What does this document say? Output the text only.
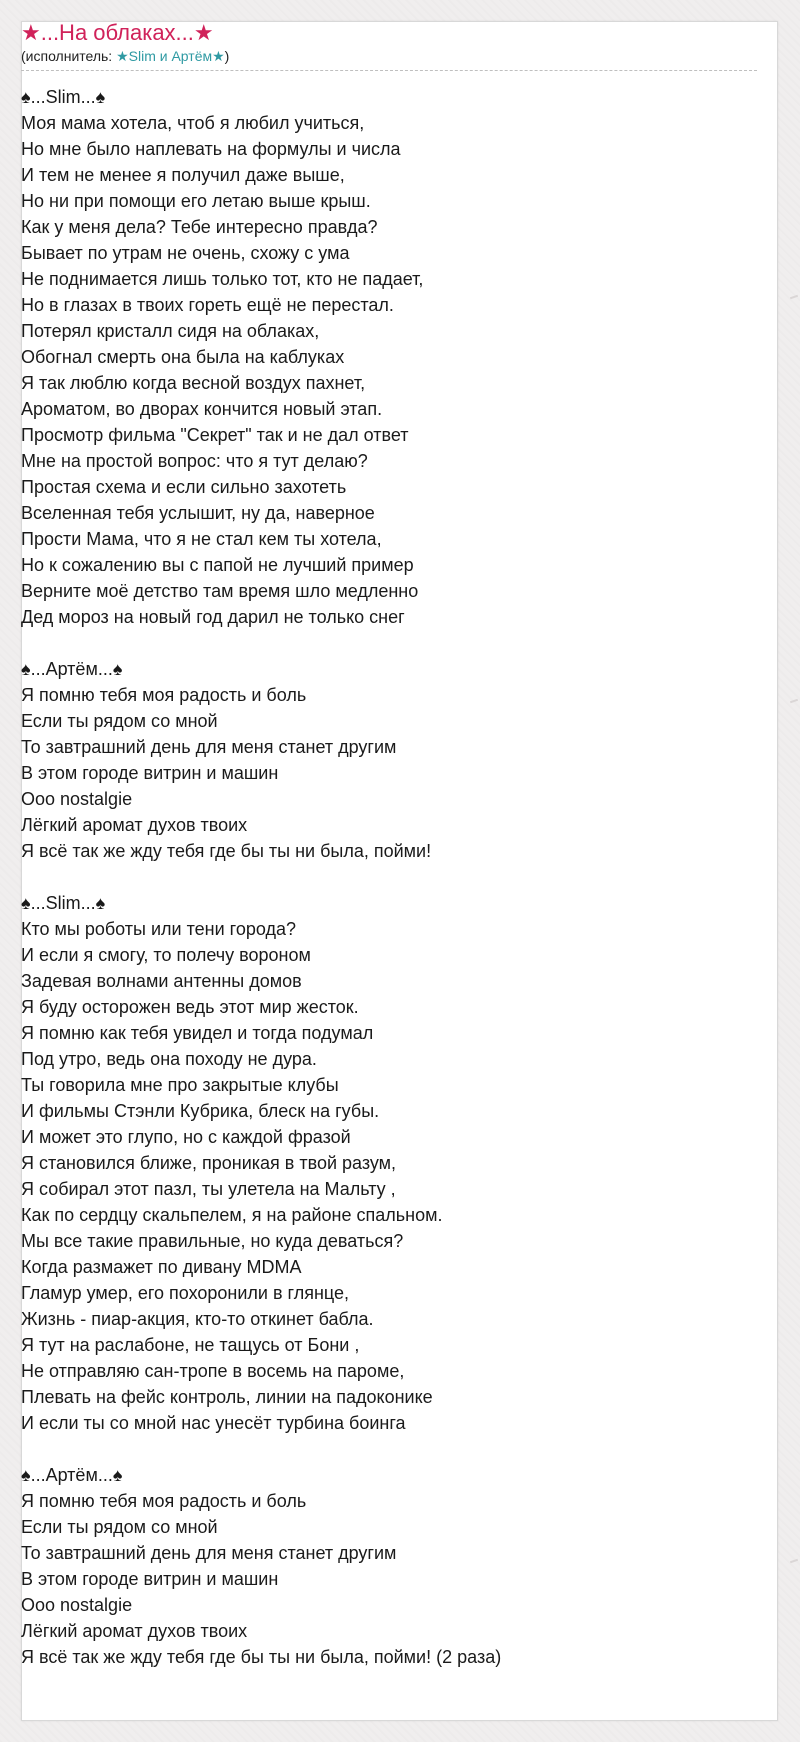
★...На облаках...★
(исполнитель: ★Slim и Артём★)
♠...Slim...♠
Моя мама хотела, чтоб я любил учиться,
Но мне было наплевать на формулы и числа
И тем не менее я получил даже выше,
Но ни при помощи его летаю выше крыш.
Как у меня дела? Тебе интересно правда?
Бывает по утрам не очень, схожу с ума
Не поднимается лишь только тот, кто не падает,
Но в глазах в твоих гореть ещё не перестал.
Потерял кристалл сидя на облаках,
Обогнал смерть она была на каблуках
Я так люблю когда весной воздух пахнет,
Ароматом, во дворах кончится новый этап.
Просмотр фильма "Секрет" так и не дал ответ
Мне на простой вопрос: что я тут делаю?
Простая схема и если сильно захотеть
Вселенная тебя услышит, ну да, наверное
Прости Мама, что я не стал кем ты хотела,
Но к сожалению вы с папой не лучший пример
Верните моё детство там время шло медленно
Дед мороз на новый год дарил не только снег
♠...Артём...♠
Я помню тебя моя радость и боль
Если ты рядом со мной
То завтрашний день для меня станет другим
В этом городе витрин и машин
Ооо nostalgie
Лёгкий аромат духов твоих
Я всё так же жду тебя где бы ты ни была, пойми!
♠...Slim...♠
Кто мы роботы или тени города?
И если я смогу, то полечу вороном
Задевая волнами антенны домов
Я буду осторожен ведь этот мир жесток.
Я помню как тебя увидел и тогда подумал
Под утро, ведь она походу не дура.
Ты говорила мне про закрытые клубы
И фильмы Стэнли Кубрика, блеск на губы.
И может это глупо, но с каждой фразой
Я становился ближе, проникая в твой разум,
Я собирал этот пазл, ты улетела на Мальту ,
Как по сердцу скальпелем, я на районе спальном.
Мы все такие правильные, но куда деваться?
Когда размажет по дивану MDMA
Гламур умер, его похоронили в глянце,
Жизнь - пиар-акция, кто-то откинет бабла.
Я тут на раслабоне, не тащусь от Бони ,
Не отправляю сан-тропе в восемь на пароме,
Плевать на фейс контроль, линии на падоконике
И если ты со мной нас унесёт турбина боинга
♠...Артём...♠
Я помню тебя моя радость и боль
Если ты рядом со мной
То завтрашний день для меня станет другим
В этом городе витрин и машин
Ооо nostalgie
Лёгкий аромат духов твоих
Я всё так же жду тебя где бы ты ни была, пойми! (2 раза)
